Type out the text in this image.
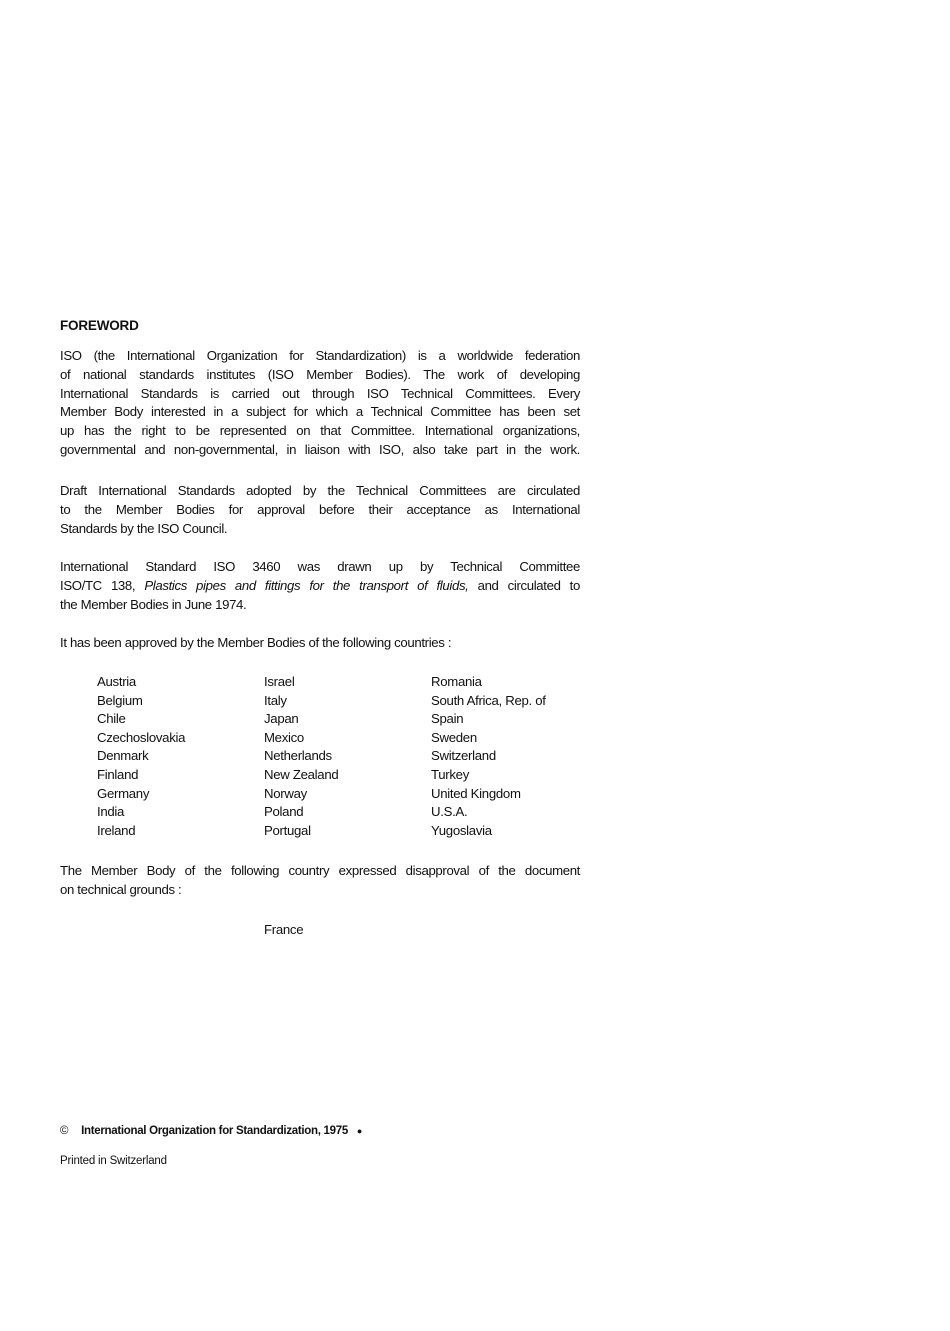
FOREWORD
ISO (the International Organization for Standardization) is a worldwide federation
of national standards institutes (ISO Member Bodies). The work of developing
International Standards is carried out through ISO Technical Committees. Every
Member Body interested in a subject for which a Technical Committee has been set
up has the right to be represented on that Committee. International organizations,
governmental and non-governmental, in liaison with ISO, also take part in the work.
Draft International Standards adopted by the Technical Committees are circulated
to the Member Bodies for approval before their acceptance as International
Standards by the ISO Council.
International Standard ISO 3460 was drawn up by Technical Committee
ISO/TC 138, Plastics pipes and fittings for the transport of fluids, and circulated to
the Member Bodies in June 1974.
It has been approved by the Member Bodies of the following countries :
Austria
Belgium
Chile
Czechoslovakia
Denmark
Finland
Germany
India
Ireland
Israel
Italy
Japan
Mexico
Netherlands
New Zealand
Norway
Poland
Portugal
Romania
South Africa, Rep. of
Spain
Sweden
Switzerland
Turkey
United Kingdom
U.S.A.
Yugoslavia
The Member Body of the following country expressed disapproval of the document
on technical grounds :
France
© International Organization for Standardization, 1975 ●
Printed in Switzerland
